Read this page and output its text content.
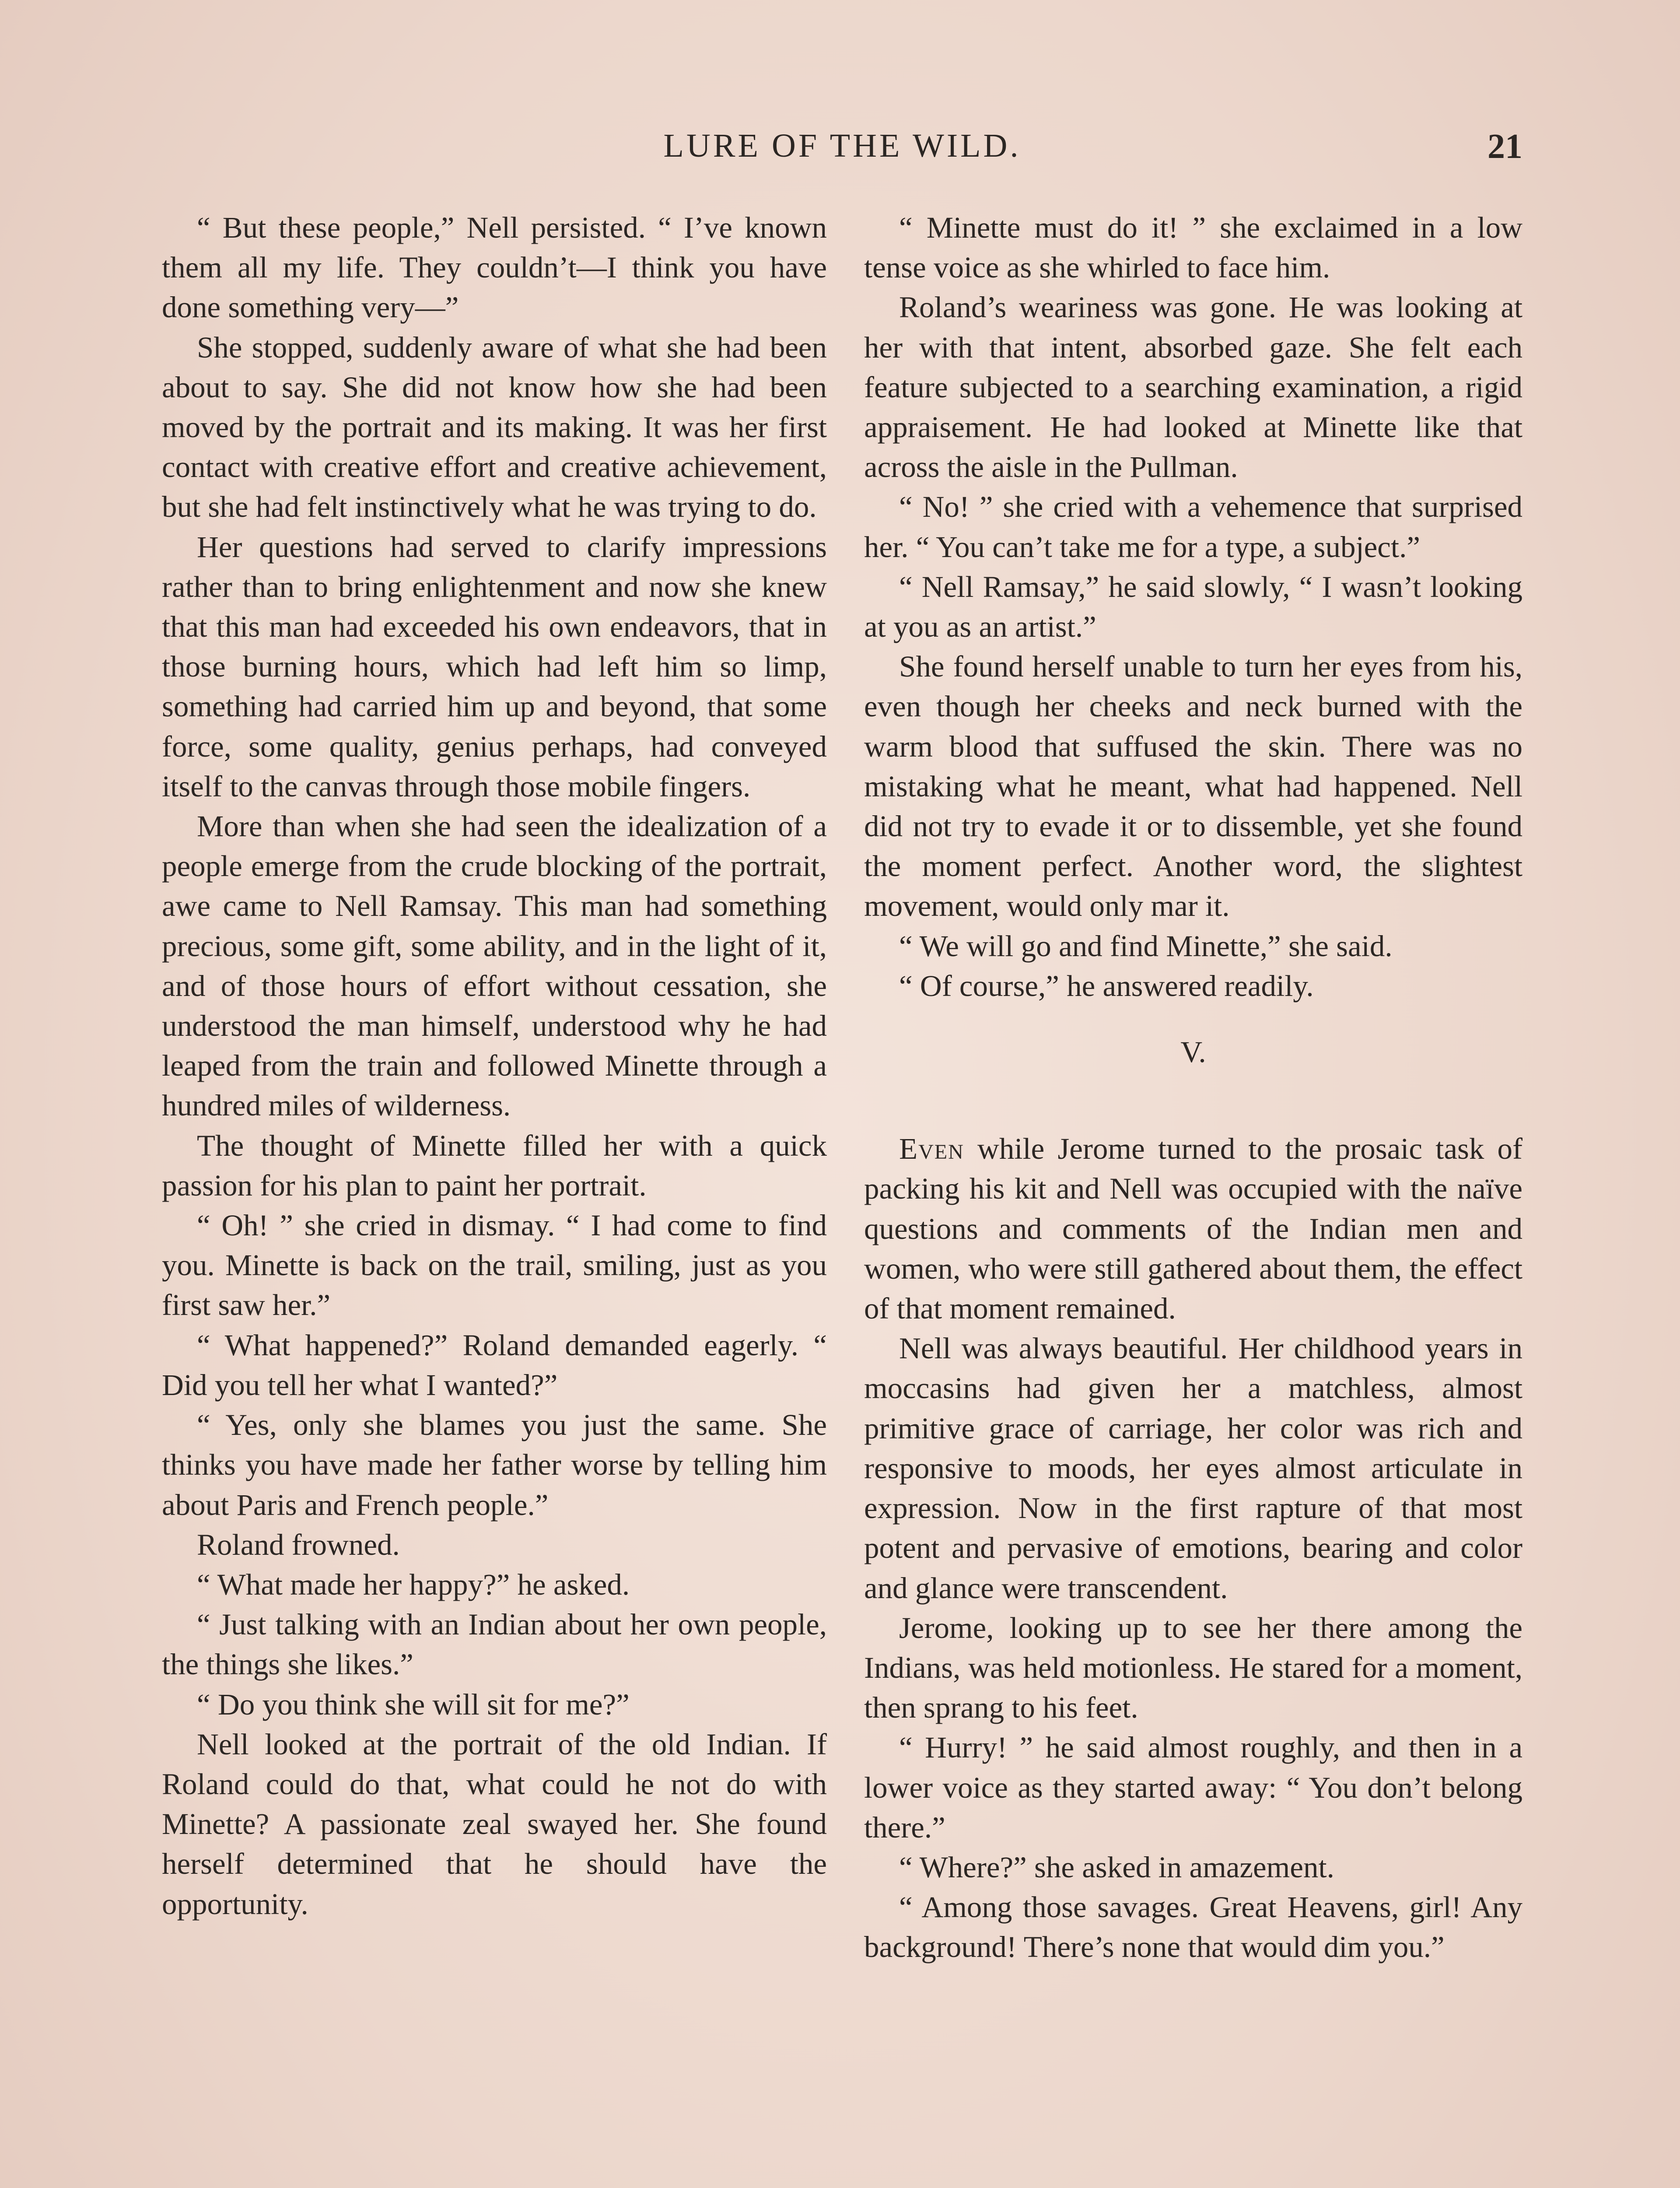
LURE OF THE WILD.	21

“ But these people,” Nell persisted. “ I’ve known them all my life. They couldn’t—I think you have done something very—”

She stopped, suddenly aware of what she had been about to say. She did not know how she had been moved by the portrait and its making. It was her first contact with creative effort and creative achievement, but she had felt instinctively what he was trying to do.

Her questions had served to clarify impressions rather than to bring enlightenment and now she knew that this man had exceeded his own endeavors, that in those burning hours, which had left him so limp, something had carried him up and beyond, that some force, some quality, genius perhaps, had conveyed itself to the canvas through those mobile fingers.

More than when she had seen the idealization of a people emerge from the crude blocking of the portrait, awe came to Nell Ramsay. This man had something precious, some gift, some ability, and in the light of it, and of those hours of effort without cessation, she understood the man himself, understood why he had leaped from the train and followed Minette through a hundred miles of wilderness.

The thought of Minette filled her with a quick passion for his plan to paint her portrait.

“ Oh! ” she cried in dismay. “ I had come to find you. Minette is back on the trail, smiling, just as you first saw her.”

“ What happened?” Roland demanded eagerly. “ Did you tell her what I wanted?”

“ Yes, only she blames you just the same. She thinks you have made her father worse by telling him about Paris and French people.”

Roland frowned.

“ What made her happy?” he asked.

“ Just talking with an Indian about her own people, the things she likes.”

“ Do you think she will sit for me?”

Nell looked at the portrait of the old Indian. If Roland could do that, what could he not do with Minette? A passionate zeal swayed her. She found herself determined that he should have the opportunity.

“ Minette must do it! ” she exclaimed in a low tense voice as she whirled to face him.

Roland’s weariness was gone. He was looking at her with that intent, absorbed gaze. She felt each feature subjected to a searching examination, a rigid appraisement. He had looked at Minette like that across the aisle in the Pullman.

“ No! ” she cried with a vehemence that surprised her. “ You can’t take me for a type, a subject.”

“ Nell Ramsay,” he said slowly, “ I wasn’t looking at you as an artist.”

She found herself unable to turn her eyes from his, even though her cheeks and neck burned with the warm blood that suffused the skin. There was no mistaking what he meant, what had happened. Nell did not try to evade it or to dissemble, yet she found the moment perfect. Another word, the slightest movement, would only mar it.

“ We will go and find Minette,” she said.

“ Of course,” he answered readily.

V.

Even while Jerome turned to the prosaic task of packing his kit and Nell was occupied with the naïve questions and comments of the Indian men and women, who were still gathered about them, the effect of that moment remained.

Nell was always beautiful. Her childhood years in moccasins had given her a matchless, almost primitive grace of carriage, her color was rich and responsive to moods, her eyes almost articulate in expression. Now in the first rapture of that most potent and pervasive of emotions, bearing and color and glance were transcendent.

Jerome, looking up to see her there among the Indians, was held motionless. He stared for a moment, then sprang to his feet.

“ Hurry! ” he said almost roughly, and then in a lower voice as they started away: “ You don’t belong there.”

“ Where?” she asked in amazement.

“ Among those savages. Great Heavens, girl! Any background! There’s none that would dim you.”
